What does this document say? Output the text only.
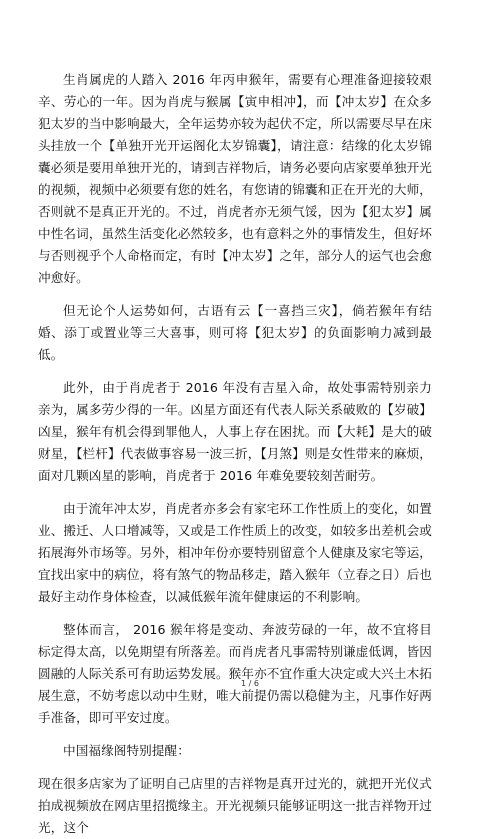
生肖属虎的人踏入 2016 年丙申猴年，需要有心理准备迎接较艰辛、劳心的一年。因为肖虎与猴属【寅申相冲】，而【冲太岁】在众多犯太岁的当中影响最大，全年运势亦较为起伏不定，所以需要尽早在床头挂放一个【单独开光开运阁化太岁锦囊】，请注意：结缘的化太岁锦囊必须是要用单独开光的，请到吉祥物后，请务必要向店家要单独开光的视频，视频中必须要有您的姓名，有您请的锦囊和正在开光的大师，否则就不是真正开光的。不过，肖虎者亦无须气馁，因为【犯太岁】属中性名词，虽然生活变化必然较多，也有意料之外的事情发生，但好坏与否则视乎个人命格而定，有时【冲太岁】之年，部分人的运气也会愈冲愈好。

但无论个人运势如何，古语有云【一喜挡三灾】，倘若猴年有结婚、添丁或置业等三大喜事，则可将【犯太岁】的负面影响力减到最低。

此外，由于肖虎者于 2016 年没有吉星入命，故处事需特别亲力亲为，属多劳少得的一年。凶星方面还有代表人际关系破败的【岁破】凶星，猴年有机会得到罪他人，人事上存在困扰。而【大耗】是大的破财星，【栏杆】代表做事容易一波三折，【月煞】则是女性带来的麻烦，面对几颗凶星的影响，肖虎者于 2016 年难免要较刻苦耐劳。

由于流年冲太岁，肖虎者亦多会有家宅环工作性质上的变化，如置业、搬迁、人口增减等，又或是工作性质上的改变，如较多出差机会或拓展海外市场等。另外，相冲年份亦要特别留意个人健康及家宅等运，宜找出家中的病位，将有煞气的物品移走，踏入猴年（立春之日）后也最好主动作身体检查，以减低猴年流年健康运的不利影响。

整体而言， 2016 猴年将是变动、奔波劳碌的一年，故不宜将目标定得太高，以免期望有所落差。而肖虎者凡事需特别谦虚低调，皆因圆融的人际关系可有助运势发展。猴年亦不宜作重大决定或大兴土木拓展生意，不妨考虑以动中生财，唯大前提仍需以稳健为主，凡事作好两手准备，即可平安过度。

中国福缘阁特别提醒：

现在很多店家为了证明自己店里的吉祥物是真开过光的，就把开光仪式拍成视频放在网店里招揽缘主。开光视频只能够证明这一批吉祥物开过光，这个

1 / 6
